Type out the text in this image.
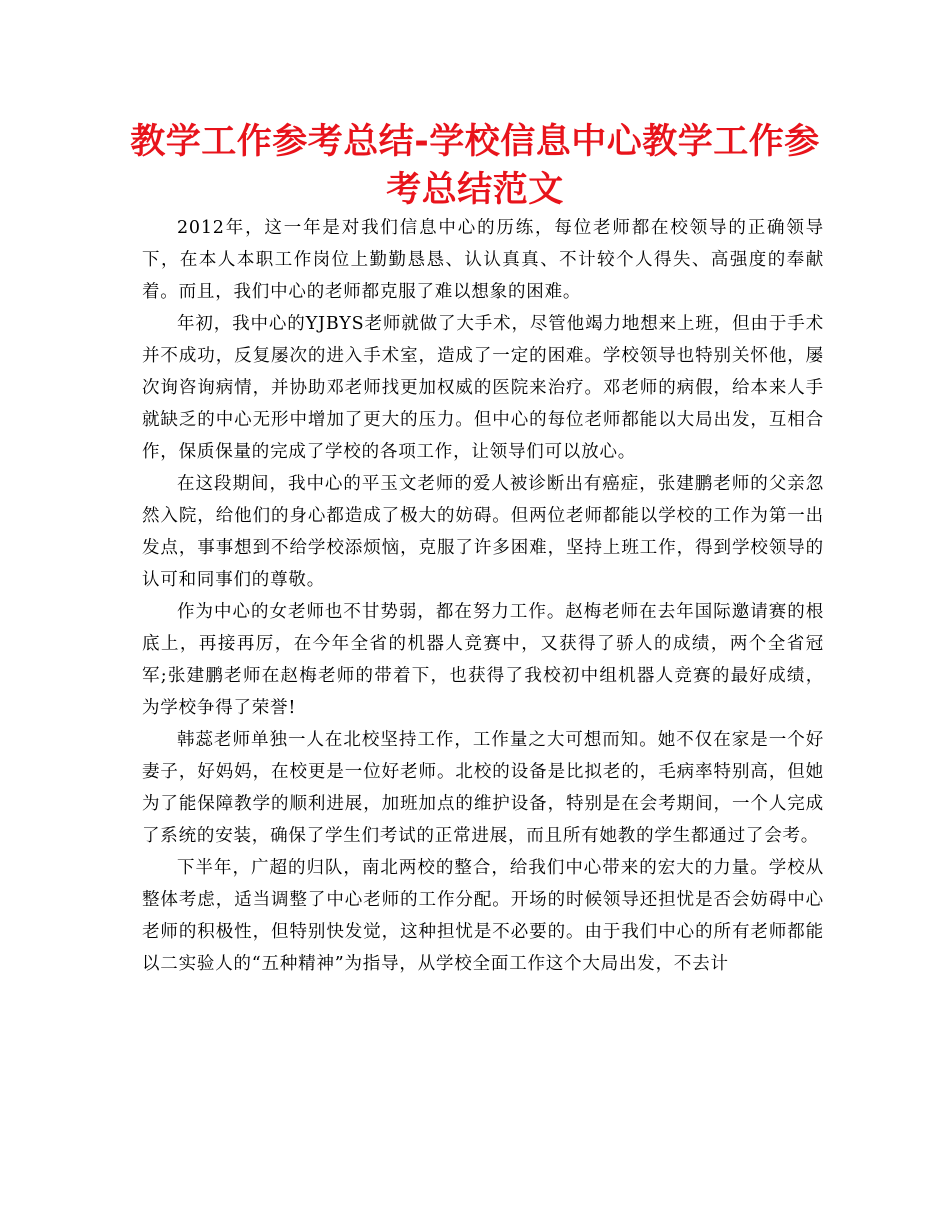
教学工作参考总结-学校信息中心教学工作参考总结范文

2012年，这一年是对我们信息中心的历练，每位老师都在校领导的正确领导下，在本人本职工作岗位上勤勤恳恳、认认真真、不计较个人得失、高强度的奉献着。而且，我们中心的老师都克服了难以想象的困难。

年初，我中心的YJBYS老师就做了大手术，尽管他竭力地想来上班，但由于手术并不成功，反复屡次的进入手术室，造成了一定的困难。学校领导也特别关怀他，屡次询咨询病情，并协助邓老师找更加权威的医院来治疗。邓老师的病假，给本来人手就缺乏的中心无形中增加了更大的压力。但中心的每位老师都能以大局出发，互相合作，保质保量的完成了学校的各项工作，让领导们可以放心。

在这段期间，我中心的平玉文老师的爱人被诊断出有癌症，张建鹏老师的父亲忽然入院，给他们的身心都造成了极大的妨碍。但两位老师都能以学校的工作为第一出发点，事事想到不给学校添烦恼，克服了许多困难，坚持上班工作，得到学校领导的认可和同事们的尊敬。

作为中心的女老师也不甘势弱，都在努力工作。赵梅老师在去年国际邀请赛的根底上，再接再厉，在今年全省的机器人竞赛中，又获得了骄人的成绩，两个全省冠军;张建鹏老师在赵梅老师的带着下，也获得了我校初中组机器人竞赛的最好成绩，为学校争得了荣誉!

韩蕊老师单独一人在北校坚持工作，工作量之大可想而知。她不仅在家是一个好妻子，好妈妈，在校更是一位好老师。北校的设备是比拟老的，毛病率特别高，但她为了能保障教学的顺利进展，加班加点的维护设备，特别是在会考期间，一个人完成了系统的安装，确保了学生们考试的正常进展，而且所有她教的学生都通过了会考。

下半年，广超的归队，南北两校的整合，给我们中心带来的宏大的力量。学校从整体考虑，适当调整了中心老师的工作分配。开场的时候领导还担忧是否会妨碍中心老师的积极性，但特别快发觉，这种担忧是不必要的。由于我们中心的所有老师都能以二实验人的“五种精神”为指导，从学校全面工作这个大局出发，不去计
